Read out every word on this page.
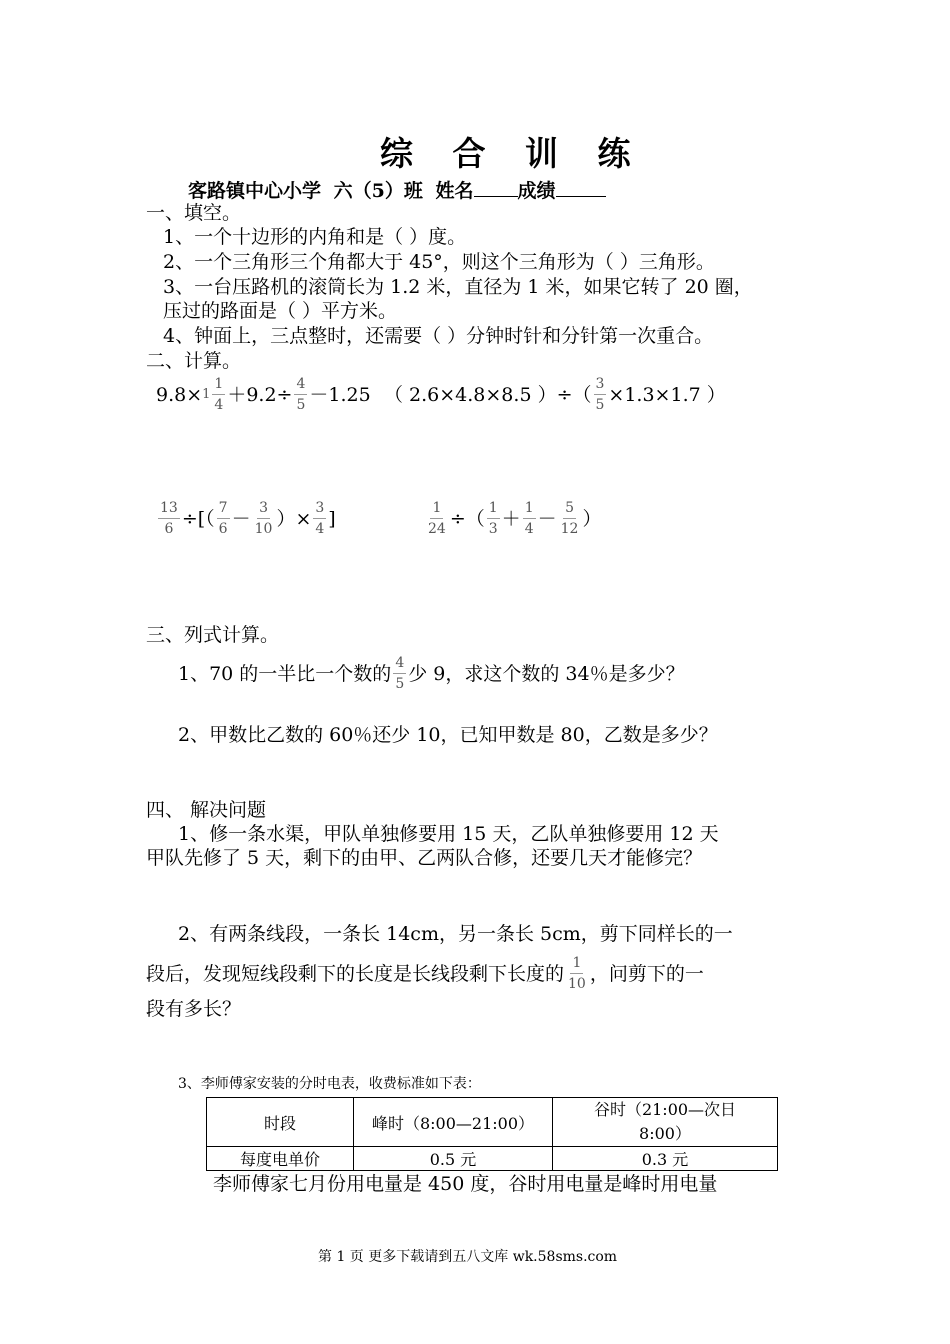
综 合 训 练
客路镇中心小学 六（5）班 姓名 成绩
一、填空。
1、一个十边形的内角和是（ ）度。
2、一个三角形三个角都大于 45°，则这个三角形为（ ）三角形。
3、一台压路机的滚筒长为 1.2 米，直径为 1 米，如果它转了 20 圈，
压过的路面是（ ）平方米。
4、钟面上，三点整时，还需要（ ）分钟时针和分针第一次重合。
二、计算。
$9.8\times 1 \frac{1}{4} +9.2\div \frac{4}{5} -1.25$ （ 2.6×4.8×8.5 ）÷（ $\frac{3}{5} \times 1.3\times 1.7$ ）
$\frac{13}{6}$ ÷[（ $\frac{7}{6} - \frac{3}{10}$ ）× $\frac{3}{4}$ ]	$\frac{1}{24}$ ÷（ $\frac{1}{3} + \frac{1}{4} - \frac{5}{12}$ ）
三、列式计算。
1、70 的一半比一个数的 $\frac{4}{5}$ 少 9，求这个数的 34％是多少？
2、甲数比乙数的 60％还少 10，已知甲数是 80，乙数是多少？
四、 解决问题
1、修一条水渠，甲队单独修要用 15 天，乙队单独修要用 12 天
甲队先修了 5 天，剩下的由甲、乙两队合修，还要几天才能修完？
2、有两条线段，一条长 14cm，另一条长 5cm，剪下同样长的一
段后，发现短线段剩下的长度是长线段剩下长度的 $\frac{1}{10}$ ，问剪下的一
段有多长？
3、李师傅家安装的分时电表，收费标准如下表：
时段	峰时（8:00—21:00）	谷时（21:00—次日
8:00）

每度电单价	0.5 元	0.3 元
李师傅家七月份用电量是 450 度，谷时用电量是峰时用电量
第 1 页 更多下载请到五八文库 wk.58sms.com
